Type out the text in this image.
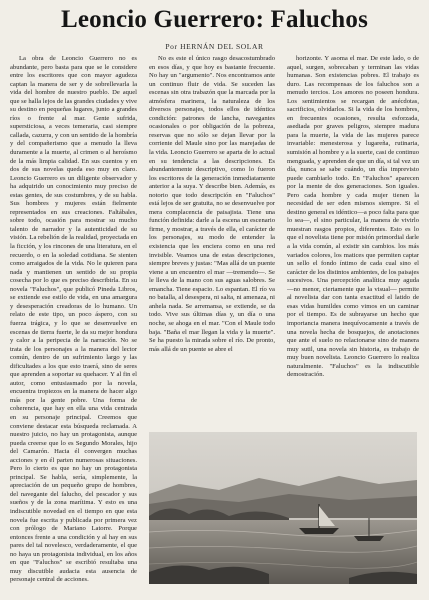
Leoncio Guerrero: Faluchos
Por HERNÁN DEL SOLAR

La obra de Leoncio Guerrero no es abundante, pero basta para que se le considere entre los escritores que con mayor agudeza captan la manera de ser y de sobrellevarla la vida del hombre de nuestro pueblo. De aquel que se halla lejos de las grandes ciudades y vive su destino en pequeñas lugares, junto a grandes ríos o frente al mar. Gente sufrida, supersticiosa, a veces temeraria, casi siempre callada, cazurra, y con un sentido de la hombría y del compañerismo que a menudo la lleva duramente a la muerte, al crimen o al heroísmo de la más limpia calidad. En sus cuentos y en dos de sus novelas queda eso muy en claro. Leoncio Guerrero es un diligente observador y ha adquirido un conocimiento muy preciso de estas gentes, de sus costumbres, y de su habla. Sus hombres y mujeres están fielmente representados en sus creaciones. Faltábales, sobre todo, ocasión para mostrar su mucho talento de narrador y la autenticidad de su visión. La rebelión de la realidad, proyectada en la ficción, y los rincones de una literatura, en el recuerdo, o en la soledad cotidiana. Se sienten como arraigados de la vida. No le quieren para nada y mantienen un sentido de su propia cosecha por lo que es preciso describirla. En su novela "Faluchos", que publicó Pineda Libros, se extiende ese estilo de vida, en una amargura y desesperación creadoras de lo humano. Un relato de este tipo, un poco áspero, con su fuerza trágica, y lo que se desenvuelve en escenas de tierra fuerte, le da su mejor hondura y calor a la peripecia de la narración. No se trata de los personajes a la manera del lector común, dentro de un sufrimiento largo y las dificultades a los que esto traerá, sino de seres que aprenden a soportar su quehacer. Y al fin el autor, como entusiasmado por la novela, encuentra tropiezos en la manera de hacer algo más por la gente pobre. Una forma de coherencia, que hay en ella una vida centrada en su personaje principal. Creemos que conviene destacar esta búsqueda reclamada. A nuestro juicio, no hay un protagonista, aunque pueda creerse que lo es Segundo Morales, hijo del Camarón. Hacia él convergen muchas acciones y en él parten numerosas situaciones. Pero lo cierto es que no hay un protagonista principal. Se habla, sería, simplemente, la apreciación de un pequeño grupo de hombres, del navegante del falucho, del pescador y sus sueños y de la zona marítima. Y esto es una indiscutible novedad en el tiempo en que esta novela fue escrita y publicada por primera vez con prólogo de Mariano Latorre. Porque entonces frente a una condición y al hay en sus pares del tal novelesco, verdaderamente, el que no haya un protagonista individual, en los años en que "Faluchos" se escribió resultaba una muy discutible audacia esta ausencia de personaje central de acciones.

No es este el único rasgo desacostumbrado en esos días, y que hoy es bastante frecuente. No hay un "argumento". Nos encontramos ante un continuo fluir de vida. Se suceden las escenas sin otra trabazón que la marcada por la atmósfera marinera, la naturaleza de los diversos personajes, todos ellos de idéntica condición: patrones de lancha, navegantes ocasionales o por obligación de la pobreza, reservas que no sólo se dejan llevar por la corriente del Maule sino por las marejadas de la vida. Leoncio Guerrero se aparta de lo actual en su tendencia a las descripciones. Es abundantemente descriptivo, como lo fueron los escritores de la generación inmediatamente anterior a la suya. Y describe bien. Además, es notorio que todo descripción en "Faluchos" está lejos de ser gratuita, no se desenvuelve por mera complacencia de paisajista. Tiene una función definida: darle a la escena un escenario firme, y mostrar, a través de ella, el carácter de los personajes, su modo de entender la existencia que les enciera como en una red invisible. Veamos una de estas descripciones, siempre breves y justas: "Mas allá de un puente viene a un encuentro el mar —tremendo—. Se le lleva de la mano con sus aguas salobres. Se emancha. Tiene espacio. Lo espantan. El río va no batalla, al desespera, ni salta, ni amenaza, ni anhela nada. Se arremansa, se extiende, se da todo. Vive sus últimas días y, un día o una noche, se ahoga en el mar. "Con el Maule todo baja. "Baña el mar llegan la vida y la muerte". Se ha puesto la mirada sobre el río. De pronto, más allá de un puente se abre el

horizonte. Y asoma el mar. De este lado, o de aquel, surgen, sobrecaban y terminan las vidas humanas. Son existencias pobres. El trabajo es duro. Las recompensas de los faluchos son a menudo tercios. Los amores no poseen hondura. Los sentimientos se recargan de anécdotas, sacrificios, olvidarlos. Si la vida de los hombres, en frecuentes ocasiones, resulta esforzada, asediada por graves peligros, siempre madura para la muerte, la vida de las mujeres parece invariable: menesterosa y lugareña, rutinaria, sumisión al hombre y a la suerte, casi de continuo menguada, y aprenden de que un día, si tal vez un día, nunca se sabe cuándo, un día imprevisto puede cambiarlo todo. En "Faluchos" aparecen por la mente de dos generaciones. Son iguales. Pero cada hombre y cada mujer tienen la necesidad de ser eden mismos siempre. Si el destino general es idéntico—a poco falta para que lo sea—, el sino particular, la manera de vivirlo muestran rasgos propios, diferentes. Esto es lo que el novelista tiene por misión primordial darle a la vida común, al existir sin cambios. los más variados colores, los matices que permiten captar un sello el fondo íntimo de cada cual sino el carácter de los distintos ambientes, de los paisajes sucesivos. Una percepción analítica muy aguda —no menor, ciertamente que la visual— permite al novelista dar con tanta exactitud el latido de esas vidas humildes como vimos en un caminar por el tiempo. Es de subrayarse un hecho que importancia manera inequívocamente a través de una novela hecha de bosquejos, de anotaciones que ante el suelo no relacionarse sino de manera muy sutil, una novela sin historia, es trabajo de muy buen novelista. Leoncio Guerrero lo realiza naturalmente. "Faluchos" es la indiscutible demostración.
